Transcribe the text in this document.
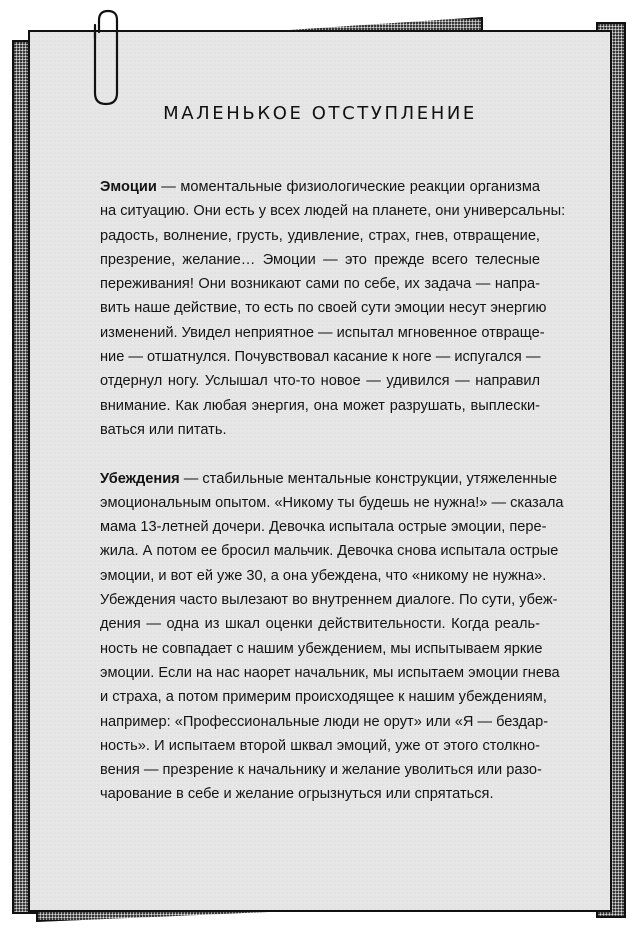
МАЛЕНЬКОЕ ОТСТУПЛЕНИЕ

Эмоции — моментальные физиологические реакции организма
на ситуацию. Они есть у всех людей на планете, они универсальны:
радость, волнение, грусть, удивление, страх, гнев, отвращение,
презрение, желание… Эмоции — это прежде всего телесные
переживания! Они возникают сами по себе, их задача — напра-
вить наше действие, то есть по своей сути эмоции несут энергию
изменений. Увидел неприятное — испытал мгновенное отвраще-
ние — отшатнулся. Почувствовал касание к ноге — испугался —
отдернул ногу. Услышал что-то новое — удивился — направил
внимание. Как любая энергия, она может разрушать, выплески-
ваться или питать.

Убеждения — стабильные ментальные конструкции, утяжеленные
эмоциональным опытом. «Никому ты будешь не нужна!» — сказала
мама 13-летней дочери. Девочка испытала острые эмоции, пере-
жила. А потом ее бросил мальчик. Девочка снова испытала острые
эмоции, и вот ей уже 30, а она убеждена, что «никому не нужна».
Убеждения часто вылезают во внутреннем диалоге. По сути, убеж-
дения — одна из шкал оценки действительности. Когда реаль-
ность не совпадает с нашим убеждением, мы испытываем яркие
эмоции. Если на нас наорет начальник, мы испытаем эмоции гнева
и страха, а потом примерим происходящее к нашим убеждениям,
например: «Профессиональные люди не орут» или «Я — бездар-
ность». И испытаем второй шквал эмоций, уже от этого столкно-
вения — презрение к начальнику и желание уволиться или разо-
чарование в себе и желание огрызнуться или спрятаться.
